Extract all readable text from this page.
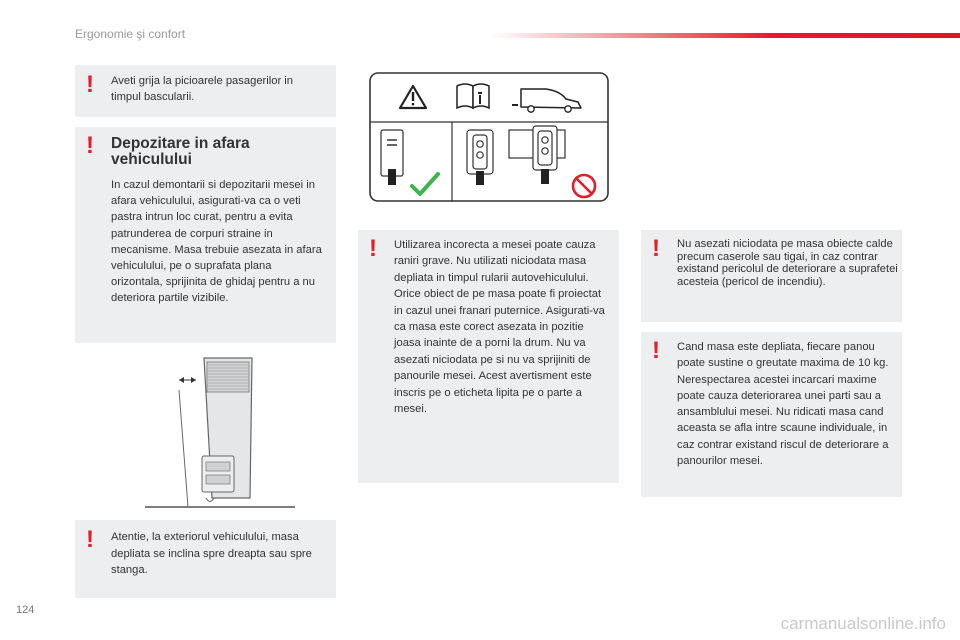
Ergonomie şi confort
! Aveti grija la picioarele pasagerilor in timpul bascularii.
! Depozitare in afara vehiculului
In cazul demontarii si depozitarii mesei in afara vehiculului, asigurati-va ca o veti pastra intrun loc curat, pentru a evita patrunderea de corpuri straine in mecanisme. Masa trebuie asezata in afara vehiculului, pe o suprafata plana orizontala, sprijinita de ghidaj pentru a nu deteriora partile vizibile.
! Atentie, la exteriorul vehiculului, masa depliata se inclina spre dreapta sau spre stanga.
! Utilizarea incorecta a mesei poate cauza raniri grave. Nu utilizati niciodata masa depliata in timpul rularii autovehiculului. Orice obiect de pe masa poate fi proiectat in cazul unei franari puternice. Asigurati-va ca masa este corect asezata in pozitie joasa inainte de a porni la drum. Nu va asezati niciodata pe si nu va sprijiniti de panourile mesei. Acest avertisment este inscris pe o eticheta lipita pe o parte a mesei.
! Nu asezati niciodata pe masa obiecte calde precum caserole sau tigai, in caz contrar existand pericolul de deteriorare a suprafetei acesteia (pericol de incendiu).
! Cand masa este depliata, fiecare panou poate sustine o greutate maxima de 10 kg. Nerespectarea acestei incarcari maxime poate cauza deteriorarea unei parti sau a ansamblului mesei. Nu ridicati masa cand aceasta se afla intre scaune individuale, in caz contrar existand riscul de deteriorare a panourilor mesei.
124
carmanualsonline.info
